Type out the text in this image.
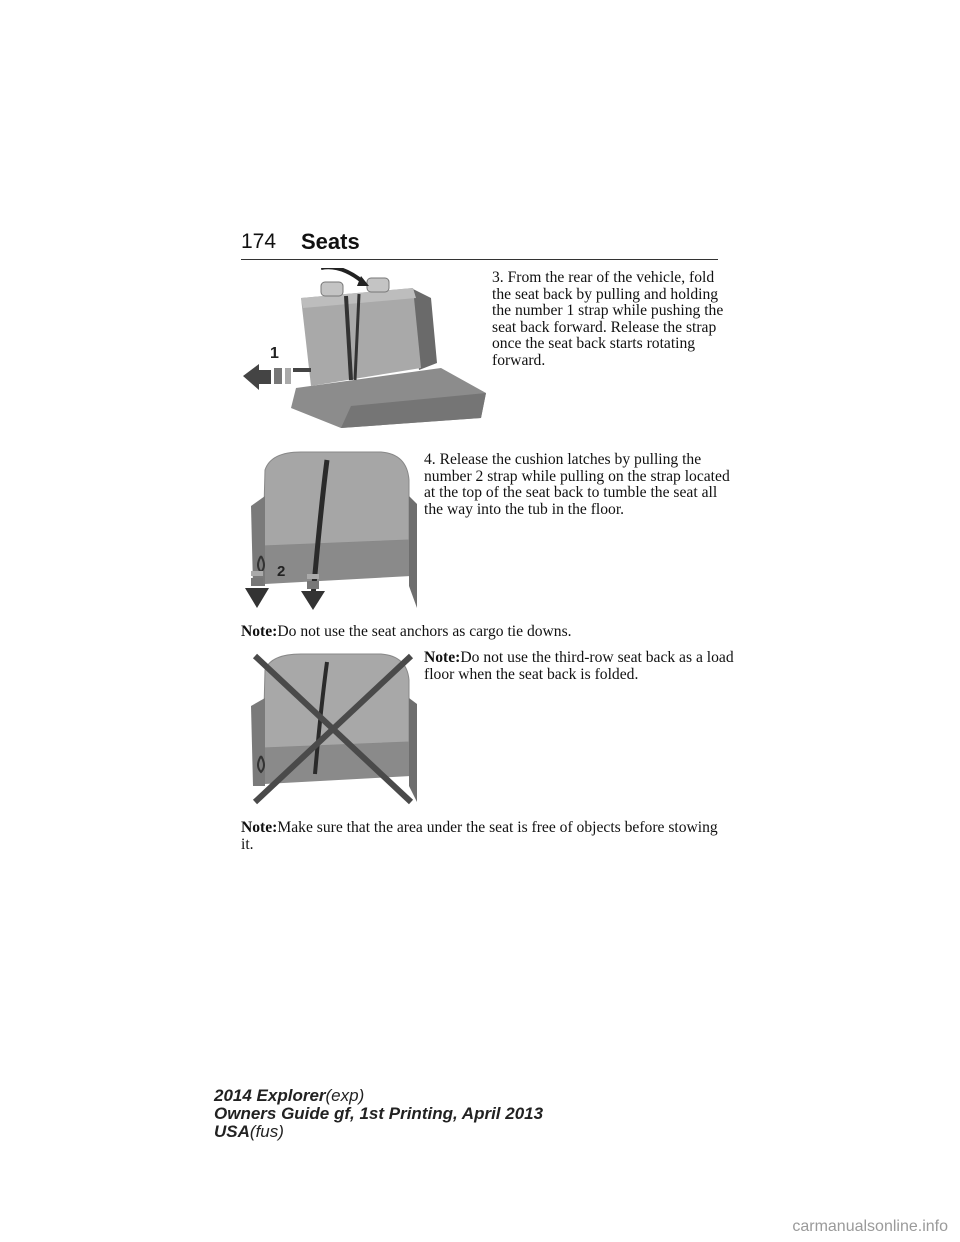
174 Seats
1
3. From the rear of the vehicle, fold the seat back by pulling and holding the number 1 strap while pushing the seat back forward. Release the strap once the seat back starts rotating forward.
2
4. Release the cushion latches by pulling the number 2 strap while pulling on the strap located at the top of the seat back to tumble the seat all the way into the tub in the floor.
Note:Do not use the seat anchors as cargo tie downs.
Note:Do not use the third-row seat back as a load floor when the seat back is folded.
Note:Make sure that the area under the seat is free of objects before stowing it.
2014 Explorer(exp)
Owners Guide gf, 1st Printing, April 2013
USA(fus)
carmanualsonline.info
